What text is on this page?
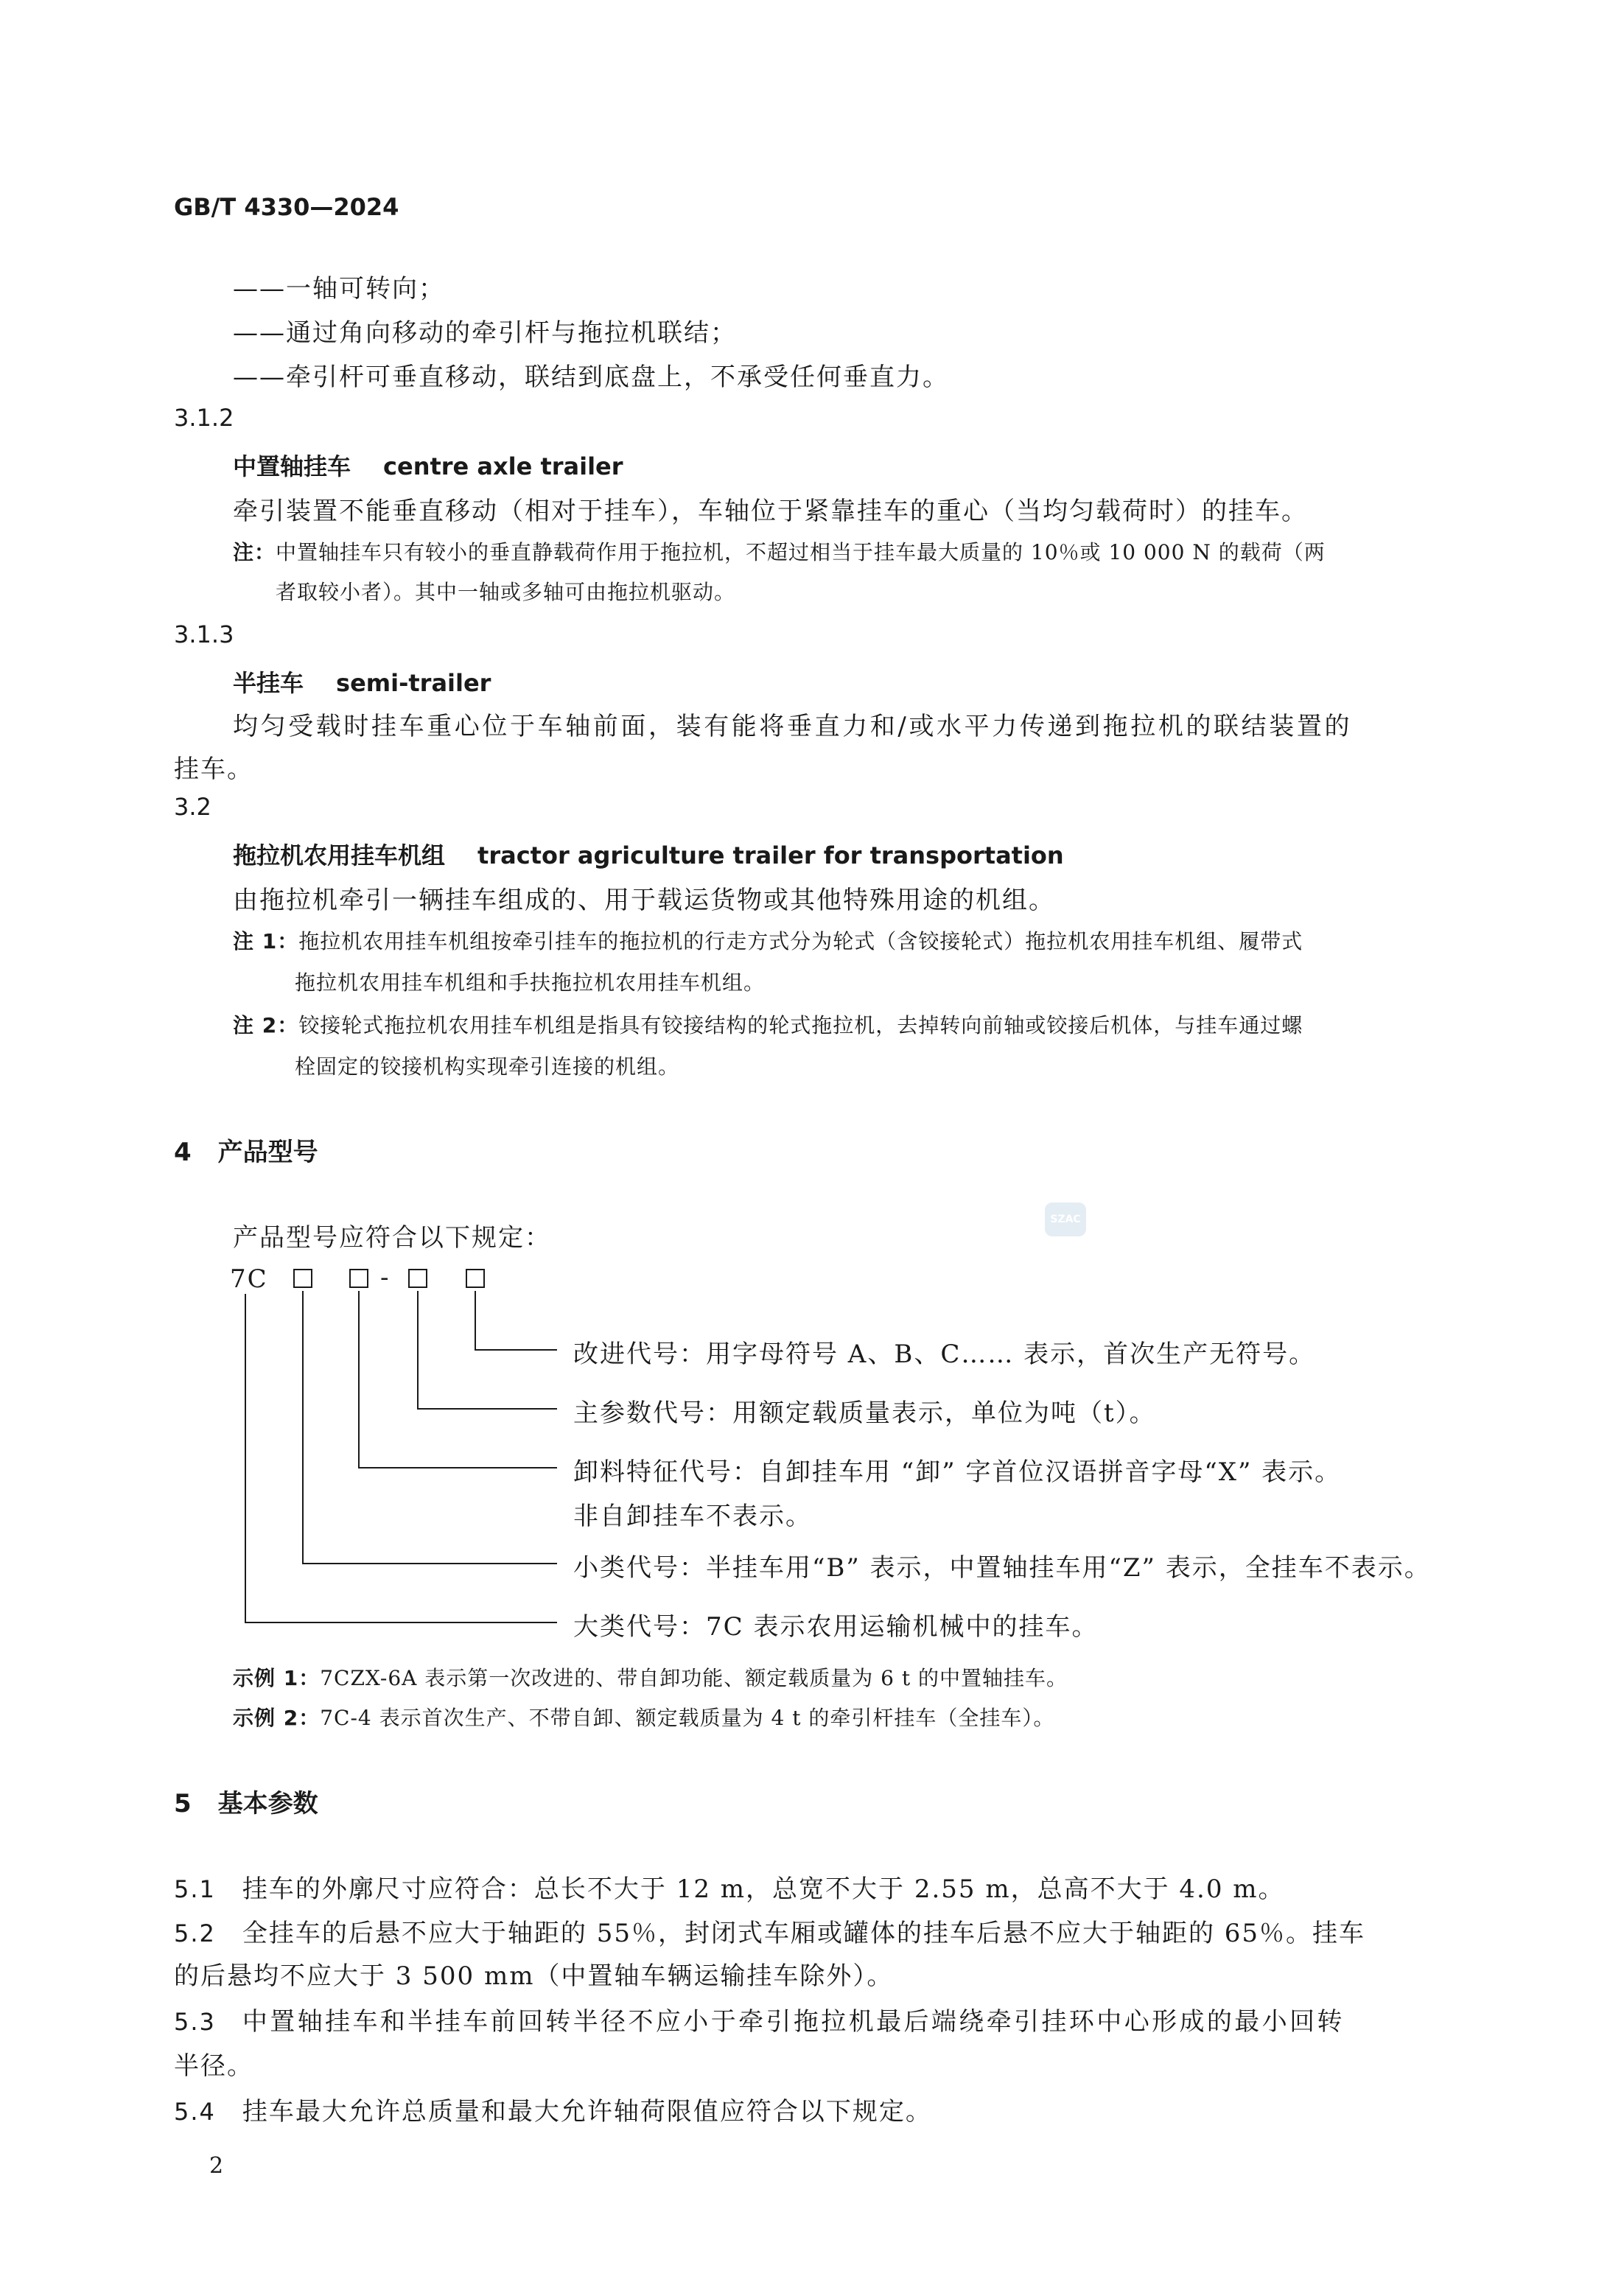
GB/T 4330—2024
——一轴可转向；
——通过角向移动的牵引杆与拖拉机联结；
——牵引杆可垂直移动，联结到底盘上，不承受任何垂直力。
3.1.2
中置轴挂车 centre axle trailer
牵引装置不能垂直移动（相对于挂车），车轴位于紧靠挂车的重心（当均匀载荷时）的挂车。
注：中置轴挂车只有较小的垂直静载荷作用于拖拉机，不超过相当于挂车最大质量的 10％或 10 000 N 的载荷（两
者取较小者）。其中一轴或多轴可由拖拉机驱动。
3.1.3
半挂车 semi-trailer
均匀受载时挂车重心位于车轴前面，装有能将垂直力和/或水平力传递到拖拉机的联结装置的
挂车。
3.2
拖拉机农用挂车机组 tractor agriculture trailer for transportation
由拖拉机牵引一辆挂车组成的、用于载运货物或其他特殊用途的机组。
注 1：拖拉机农用挂车机组按牵引挂车的拖拉机的行走方式分为轮式（含铰接轮式）拖拉机农用挂车机组、履带式
拖拉机农用挂车机组和手扶拖拉机农用挂车机组。
注 2：铰接轮式拖拉机农用挂车机组是指具有铰接结构的轮式拖拉机，去掉转向前轴或铰接后机体，与挂车通过螺
栓固定的铰接机构实现牵引连接的机组。
4 产品型号
产品型号应符合以下规定：
SZAC
7C	-
改进代号：用字母符号 A、B、C…… 表示，首次生产无符号。
主参数代号：用额定载质量表示，单位为吨（t）。
卸料特征代号：自卸挂车用 “卸” 字首位汉语拼音字母“X” 表示。
非自卸挂车不表示。
小类代号：半挂车用“B” 表示，中置轴挂车用“Z” 表示，全挂车不表示。
大类代号：7C 表示农用运输机械中的挂车。
示例 1：7CZX-6A 表示第一次改进的、带自卸功能、额定载质量为 6 t 的中置轴挂车。
示例 2：7C-4 表示首次生产、不带自卸、额定载质量为 4 t 的牵引杆挂车（全挂车）。
5 基本参数
5.1 挂车的外廓尺寸应符合：总长不大于 12 m，总宽不大于 2.55 m，总高不大于 4.0 m。
5.2 全挂车的后悬不应大于轴距的 55％，封闭式车厢或罐体的挂车后悬不应大于轴距的 65％。挂车
的后悬均不应大于 3 500 mm（中置轴车辆运输挂车除外）。
5.3 中置轴挂车和半挂车前回转半径不应小于牵引拖拉机最后端绕牵引挂环中心形成的最小回转
半径。
5.4 挂车最大允许总质量和最大允许轴荷限值应符合以下规定。
2
